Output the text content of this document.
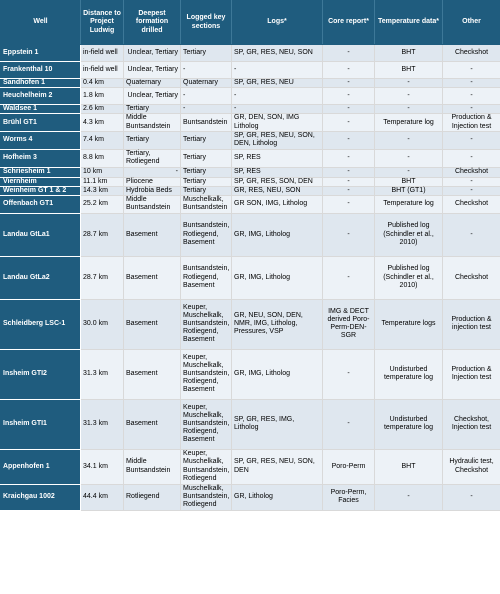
Well	Distance to Project Ludwig	Deepest formation drilled	Logged key sections	Logs*	Core report*	Temperature data*	Other
Eppstein 1	in-field well	Unclear, Tertiary	Tertiary	SP, GR, RES, NEU, SON	-	BHT	Checkshot
Frankenthal 10	in-field well	Unclear, Tertiary	-	-	-	BHT	-
Sandhofen 1	0.4 km	Quaternary	Quaternary	SP, GR, RES, NEU	-	-	-
Heuchelheim 2	1.8 km	Unclear, Tertiary	-	-	-	-	-
Waldsee 1	2.6 km	Tertiary	-	-	-	-	-
Brühl GT1	4.3 km	Middle Buntsandstein	Buntsandstein	GR, DEN, SON, IMG Litholog	-	Temperature log	Production & Injection test
Worms 4	7.4 km	Tertiary	Tertiary	SP, GR, RES, NEU, SON, DEN, Litholog	-	-	-
Hofheim 3	8.8 km	Tertiary, Rotliegend	Tertiary	SP, RES	-	-	-
Schriesheim 1	10 km	-	Tertiary	SP, RES	-	-	Checkshot
Viernheim	11.1 km	Pliocene	Tertiary	SP, GR, RES, SON, DEN	-	BHT	-
Weinheim GT 1 & 2	14.3 km	Hydrobia Beds	Tertiary	GR, RES, NEU, SON	-	BHT (GT1)	-
Offenbach GT1	25.2 km	Middle Buntsandstein	Muschelkalk, Buntsandstein	GR SON, IMG, Litholog	-	Temperature log	Checkshot
Landau GtLa1	28.7 km	Basement	Buntsandstein, Rotliegend, Basement	GR, IMG, Litholog	-	Published log (Schindler et al., 2010)	-
Landau GtLa2	28.7 km	Basement	Buntsandstein, Rotliegend, Basement	GR, IMG, Litholog	-	Published log (Schindler et al., 2010)	Checkshot
Schleidberg LSC-1	30.0 km	Basement	Keuper, Muschelkalk, Buntsandstein, Rotliegend, Basement	GR, NEU, SON, DEN, NMR, IMG, Litholog, Pressures, VSP	IMG & DECT derived Poro-Perm-DEN-SGR	Temperature logs	Production & injection test
Insheim GTI2	31.3 km	Basement	Keuper, Muschelkalk, Buntsandstein, Rotliegend, Basement	GR, IMG, Litholog	-	Undisturbed temperature log	Production & Injection test
Insheim GTI1	31.3 km	Basement	Keuper, Muschelkalk, Buntsandstein, Rotliegend, Basement	SP, GR, RES, IMG, Litholog	-	Undisturbed temperature log	Checkshot, Injection test
Appenhofen 1	34.1 km	Middle Buntsandstein	Keuper, Muschelkalk, Buntsandstein, Rotliegend	SP, GR, RES, NEU, SON, DEN	Poro-Perm	BHT	Hydraulic test, Checkshot
Kraichgau 1002	44.4 km	Rotliegend	Muschelkalk, Buntsandstein, Rotliegend	GR, Litholog	Poro-Perm, Facies	-	-
